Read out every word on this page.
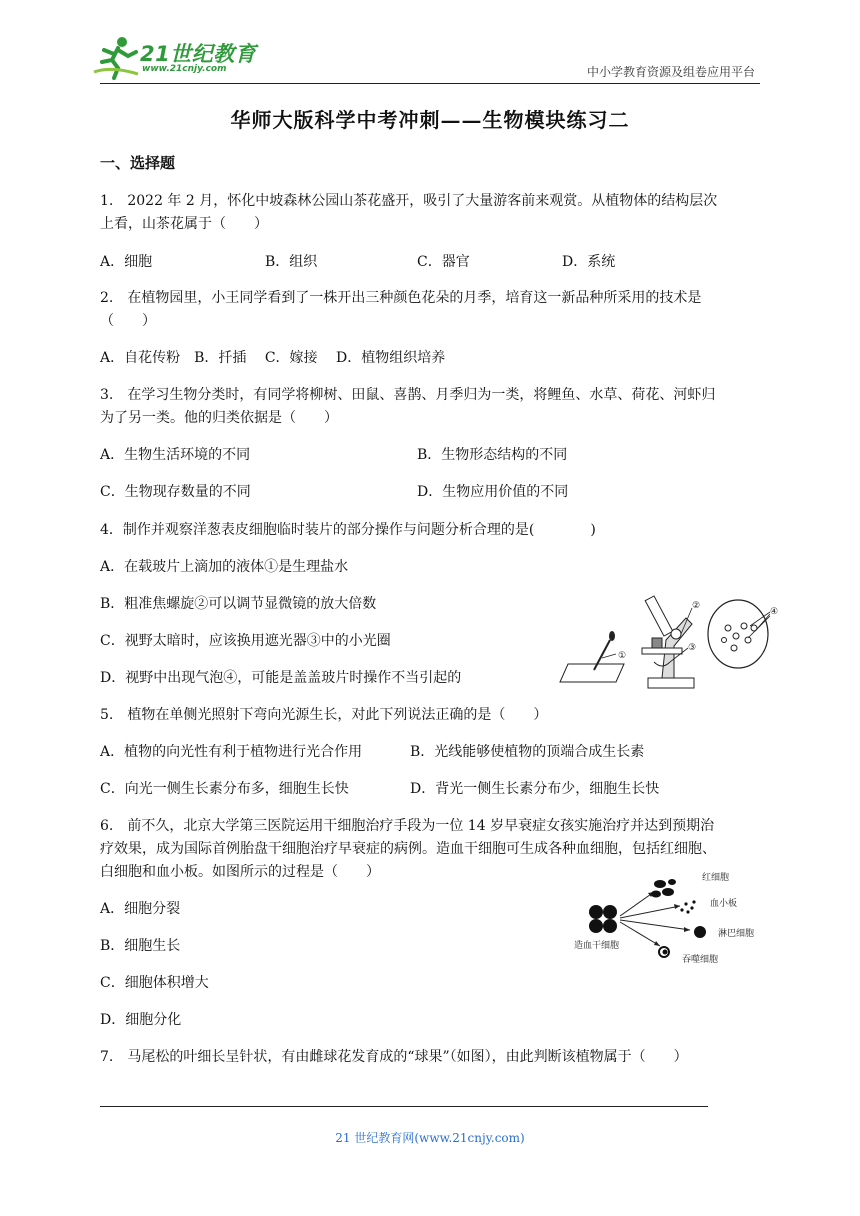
21世纪教育
www.21cnjy.com	中小学教育资源及组卷应用平台
华师大版科学中考冲刺——生物模块练习二
一、选择题
1.　2022 年 2 月，怀化中坡森林公园山茶花盛开，吸引了大量游客前来观赏。从植物体的结构层次
上看，山茶花属于（　　）
A．细胞	B．组织	C．器官	D．系统
2.　在植物园里，小王同学看到了一株开出三种颜色花朵的月季，培育这一新品种所采用的技术是
（　　）
A．自花传粉　B．扦插　 C．嫁接　 D．植物组织培养
3.　在学习生物分类时，有同学将柳树、田鼠、喜鹊、月季归为一类，将鲤鱼、水草、荷花、河虾归
为了另一类。他的归类依据是（　　）
A．生物生活环境的不同	B．生物形态结构的不同
C．生物现存数量的不同	D．生物应用价值的不同
4．制作并观察洋葱表皮细胞临时装片的部分操作与问题分析合理的是(　　　　)
A．在载玻片上滴加的液体①是生理盐水
B．粗准焦螺旋②可以调节显微镜的放大倍数
C．视野太暗时，应该换用遮光器③中的小光圈
D．视野中出现气泡④，可能是盖盖玻片时操作不当引起的
①
②
③
④
5.　植物在单侧光照射下弯向光源生长，对此下列说法正确的是（　　）
A．植物的向光性有利于植物进行光合作用	B．光线能够使植物的顶端合成生长素
C．向光一侧生长素分布多，细胞生长快	D．背光一侧生长素分布少，细胞生长快
6.　前不久，北京大学第三医院运用干细胞治疗手段为一位 14 岁早衰症女孩实施治疗并达到预期治
疗效果，成为国际首例胎盘干细胞治疗早衰症的病例。造血干细胞可生成各种血细胞，包括红细胞、
白细胞和血小板。如图所示的过程是（　　）
A．细胞分裂
B．细胞生长
C．细胞体积增大
D．细胞分化
造血干细胞
红细胞
血小板
淋巴细胞
吞噬细胞
7.　马尾松的叶细长呈针状，有由雌球花发育成的“球果”（如图），由此判断该植物属于（　　）
21 世纪教育网(www.21cnjy.com)
